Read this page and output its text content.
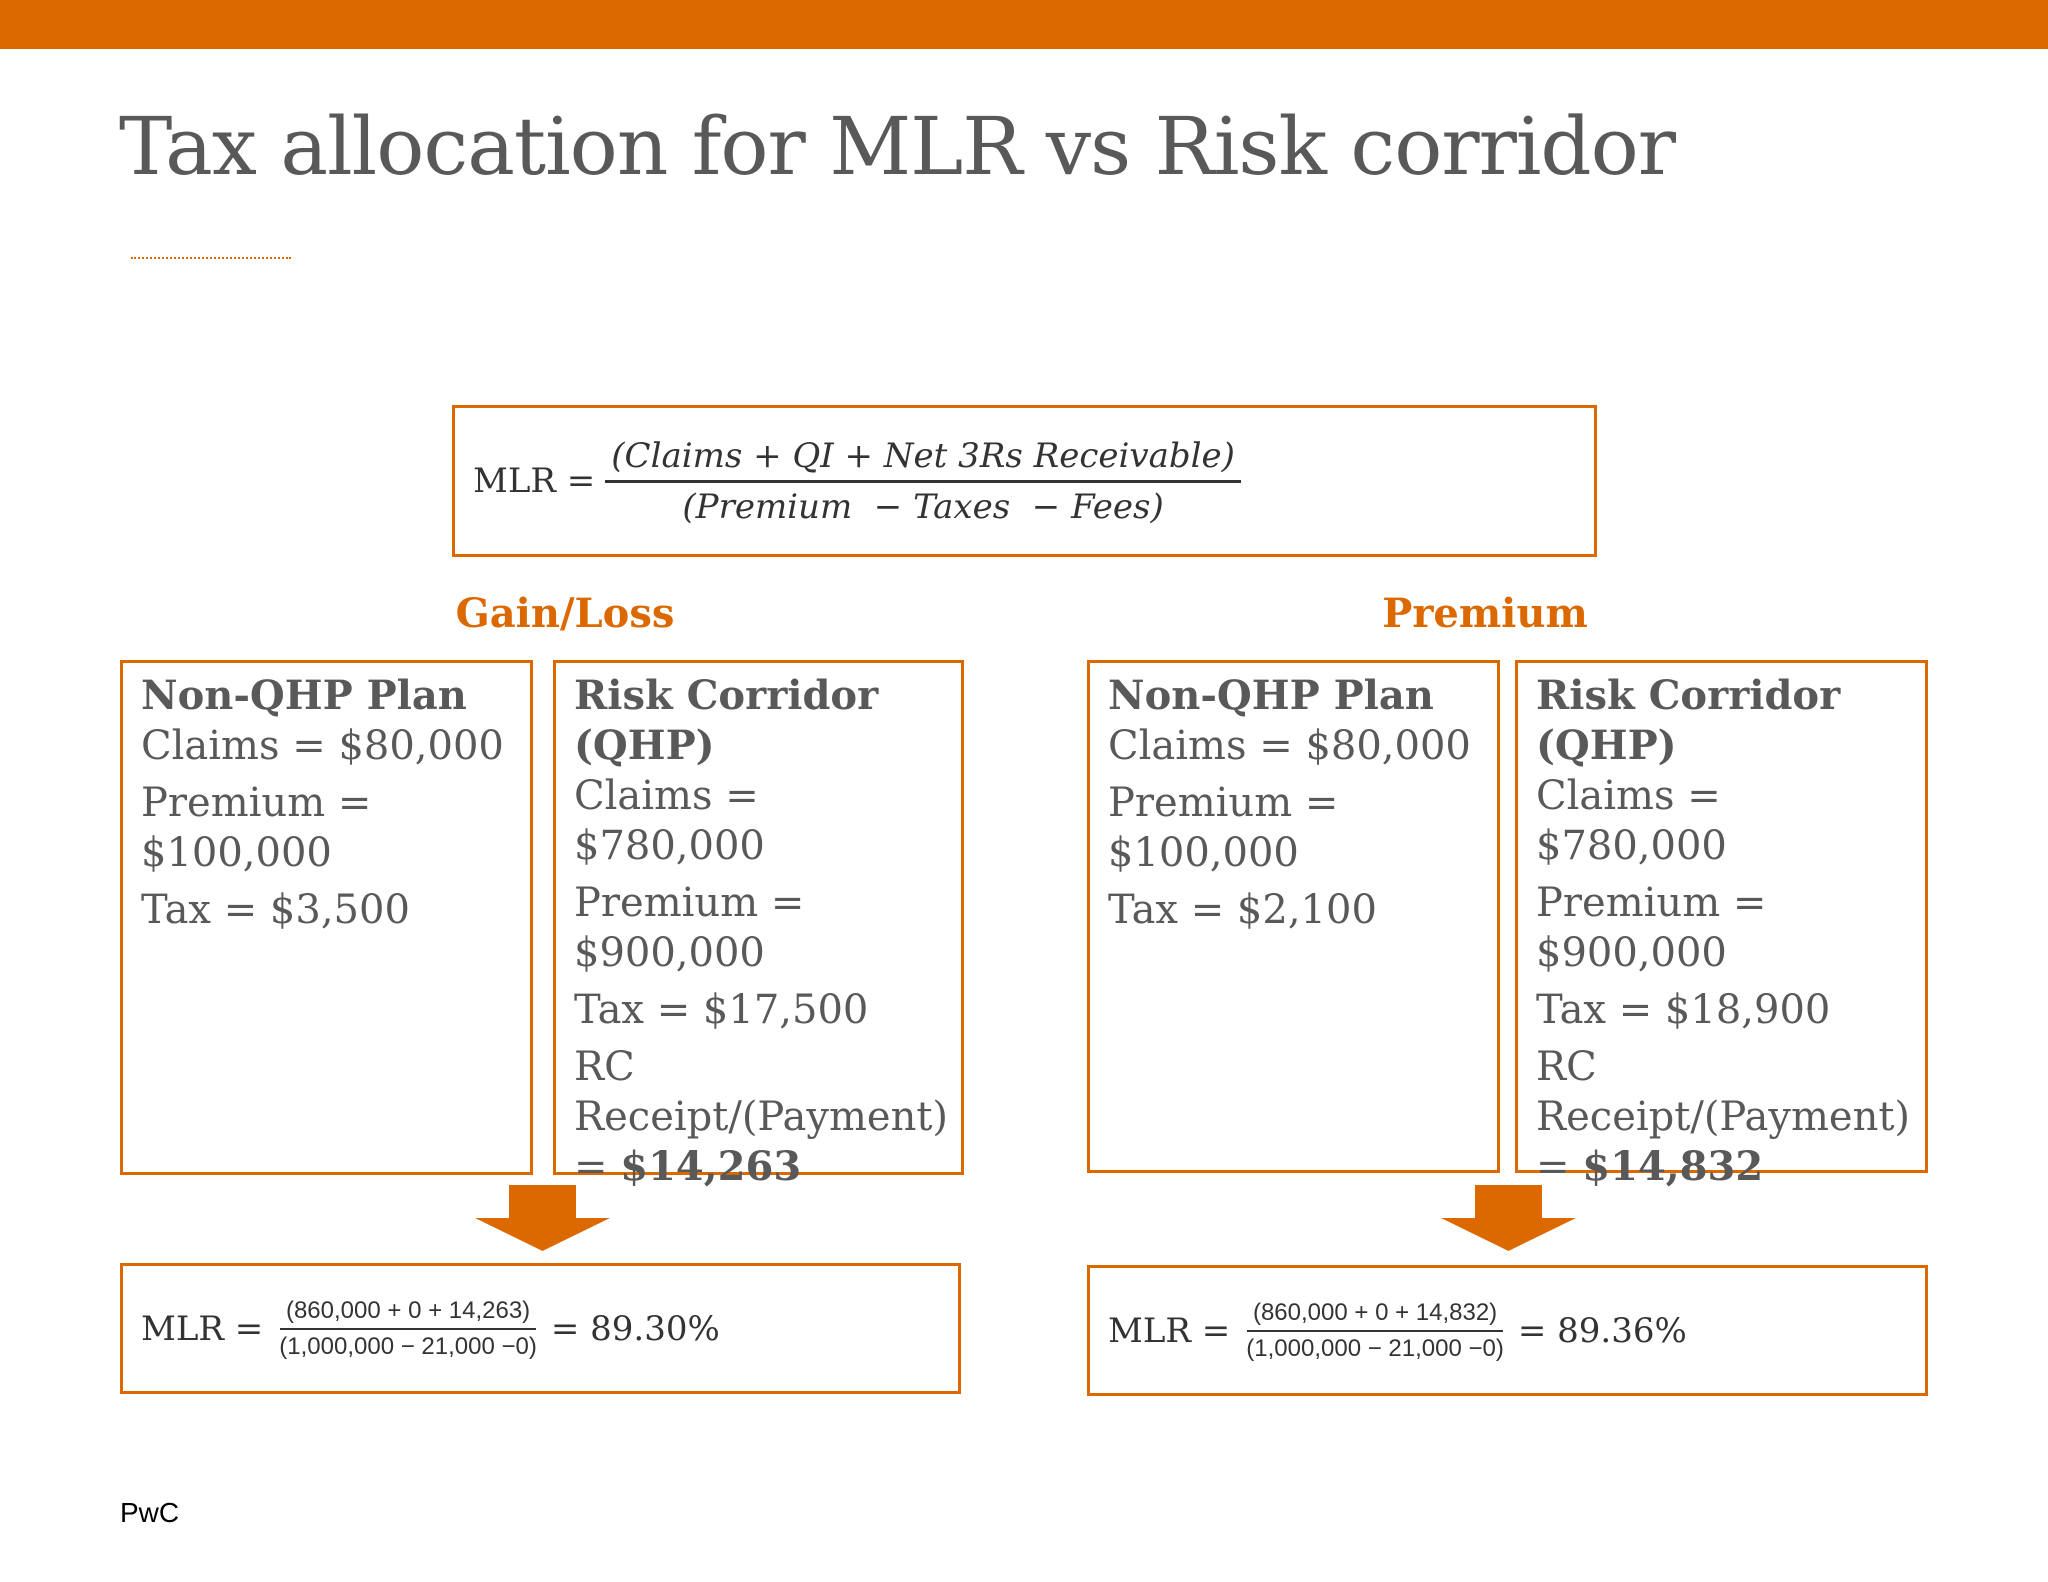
Tax allocation for MLR vs Risk corridor
MLR = $\frac{\text{(Claims + QI + Net 3Rs Receivable)}}{\text{(Premium  − Taxes  − Fees)}}$
Gain/Loss	Premium
Non-QHP Plan
Claims = $80,000
Premium =
$100,000
Tax = $3,500
Risk Corridor
(QHP)
Claims = $780,000
Premium =
$900,000
Tax = $17,500
RC
Receipt/(Payment)
= $14,263
Non-QHP Plan
Claims = $80,000
Premium =
$100,000
Tax = $2,100
Risk Corridor
(QHP)
Claims = $780,000
Premium =
$900,000
Tax = $18,900
RC
Receipt/(Payment)
= $14,832
MLR = $\frac{(860,000 + 0 + 14,263)}{(1,000,000 - 21,000 -0)} = 89.30\%$	MLR = $\frac{(860,000 + 0 + 14,832)}{(1,000,000 - 21,000 -0)} = 89.36\%$
PwC
